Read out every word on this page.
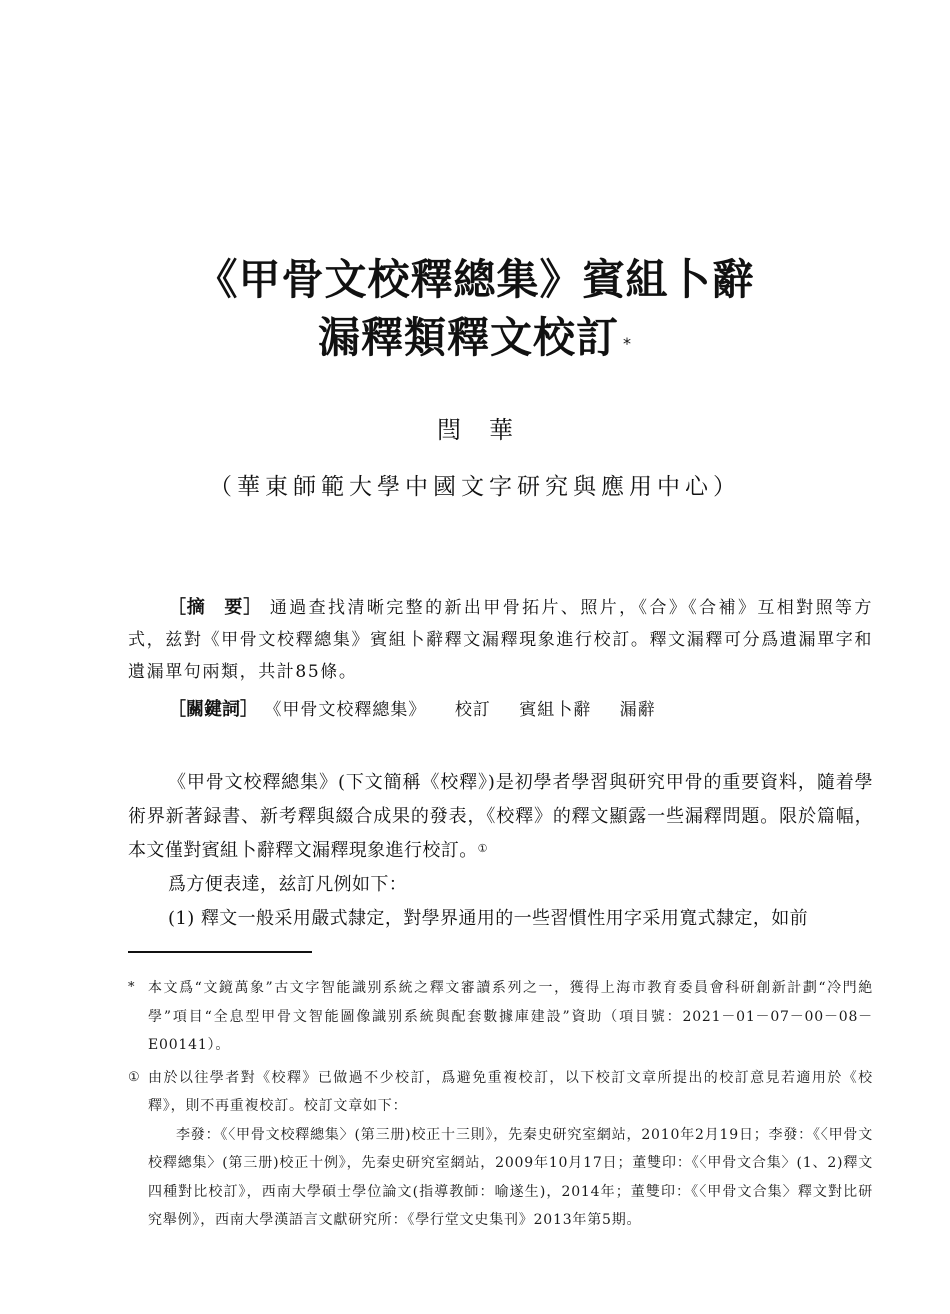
《甲骨文校釋總集》賓組卜辭
漏釋類釋文校訂 *
閆華
（華東師範大學中國文字研究與應用中心）
［摘　要］ 通過查找清晰完整的新出甲骨拓片、照片，《合》《合補》互相對照等方式，兹對《甲骨文校釋總集》賓組卜辭釋文漏釋現象進行校訂。釋文漏釋可分爲遺漏單字和遺漏單句兩類，共計85條。
［關鍵詞］ 《甲骨文校釋總集》 校訂 賓組卜辭 漏辭

《甲骨文校釋總集》(下文簡稱《校釋》)是初學者學習與研究甲骨的重要資料，隨着學術界新著録書、新考釋與綴合成果的發表，《校釋》的釋文顯露一些漏釋問題。限於篇幅，本文僅對賓組卜辭釋文漏釋現象進行校訂。①

爲方便表達，兹訂凡例如下：

(1) 釋文一般采用嚴式隸定，對學界通用的一些習慣性用字采用寬式隸定，如前

* 本文爲“文鏡萬象”古文字智能識别系統之釋文審讀系列之一，獲得上海市教育委員會科研創新計劃“冷門絶學”項目“全息型甲骨文智能圖像識别系統與配套數據庫建設”資助（項目號：2021－01－07－00－08－E00141）。
① 由於以往學者對《校釋》已做過不少校訂，爲避免重複校訂，以下校訂文章所提出的校訂意見若適用於《校釋》，則不再重複校訂。校訂文章如下：
李發：《〈甲骨文校釋總集〉(第三册)校正十三則》，先秦史研究室網站，2010年2月19日；李發：《〈甲骨文校釋總集〉(第三册)校正十例》，先秦史研究室網站，2009年10月17日；董雙印：《〈甲骨文合集〉(1、2)釋文四種對比校訂》，西南大學碩士學位論文(指導教師：喻遂生)，2014年；董雙印：《〈甲骨文合集〉釋文對比研究舉例》，西南大學漢語言文獻研究所：《學行堂文史集刊》2013年第5期。
